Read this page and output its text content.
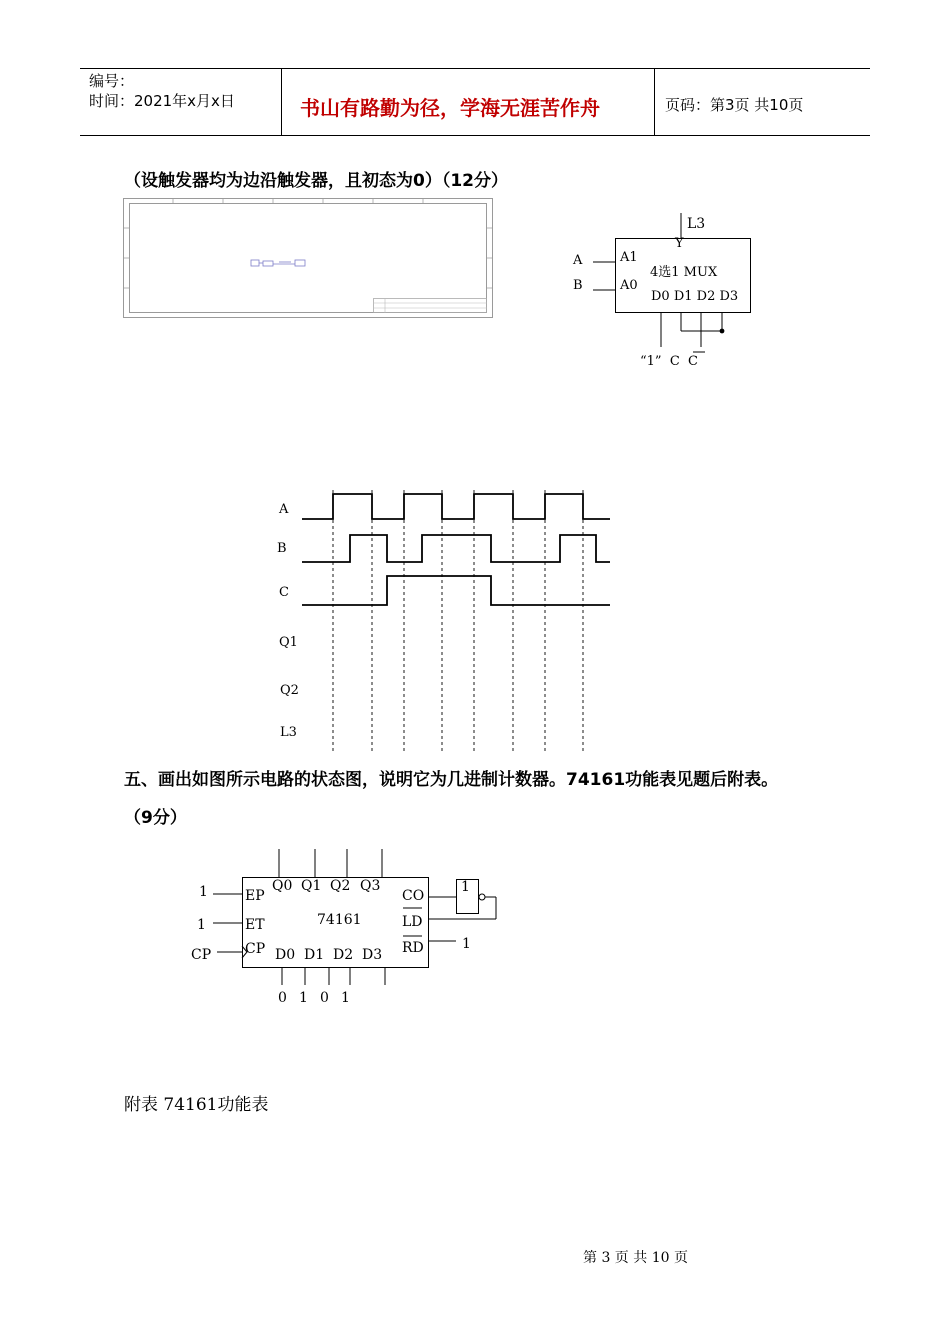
编号：
时间：2021年x月x日	书山有路勤为径，学海无涯苦作舟	页码：第3页 共10页
（设触发器均为边沿触发器，且初态为0）（12分）
L3
Y
A1
A0
4选1 MUX
D0 D1 D2 D3
A
B
“1”  C  C
A
B
C
Q1
Q2
L3
五、画出如图所示电路的状态图，说明它为几进制计数器。74161功能表见题后附表。
（9分）
Q0 Q1 Q2 Q3
EP
ET
CP
74161
CO
LD
RD
D0 D1 D2 D3
1
1
CP
1
1
0 1 0 1
附表 74161功能表
第 3 页 共 10 页
